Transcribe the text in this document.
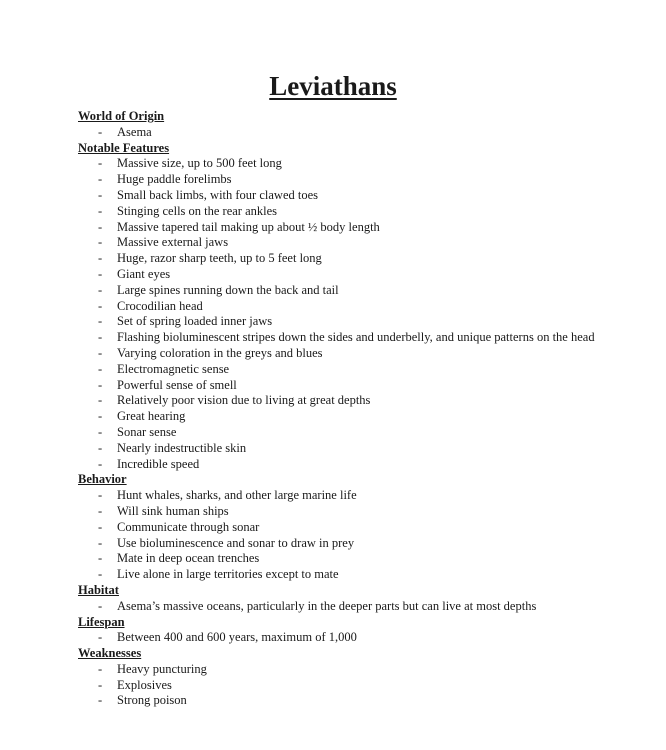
Leviathans
World of Origin
- Asema
Notable Features
- Massive size, up to 500 feet long
- Huge paddle forelimbs
- Small back limbs, with four clawed toes
- Stinging cells on the rear ankles
- Massive tapered tail making up about ½ body length
- Massive external jaws
- Huge, razor sharp teeth, up to 5 feet long
- Giant eyes
- Large spines running down the back and tail
- Crocodilian head
- Set of spring loaded inner jaws
- Flashing bioluminescent stripes down the sides and underbelly, and unique patterns on the head
- Varying coloration in the greys and blues
- Electromagnetic sense
- Powerful sense of smell
- Relatively poor vision due to living at great depths
- Great hearing
- Sonar sense
- Nearly indestructible skin
- Incredible speed
Behavior
- Hunt whales, sharks, and other large marine life
- Will sink human ships
- Communicate through sonar
- Use bioluminescence and sonar to draw in prey
- Mate in deep ocean trenches
- Live alone in large territories except to mate
Habitat
- Asema’s massive oceans, particularly in the deeper parts but can live at most depths
Lifespan
- Between 400 and 600 years, maximum of 1,000
Weaknesses
- Heavy puncturing
- Explosives
- Strong poison
